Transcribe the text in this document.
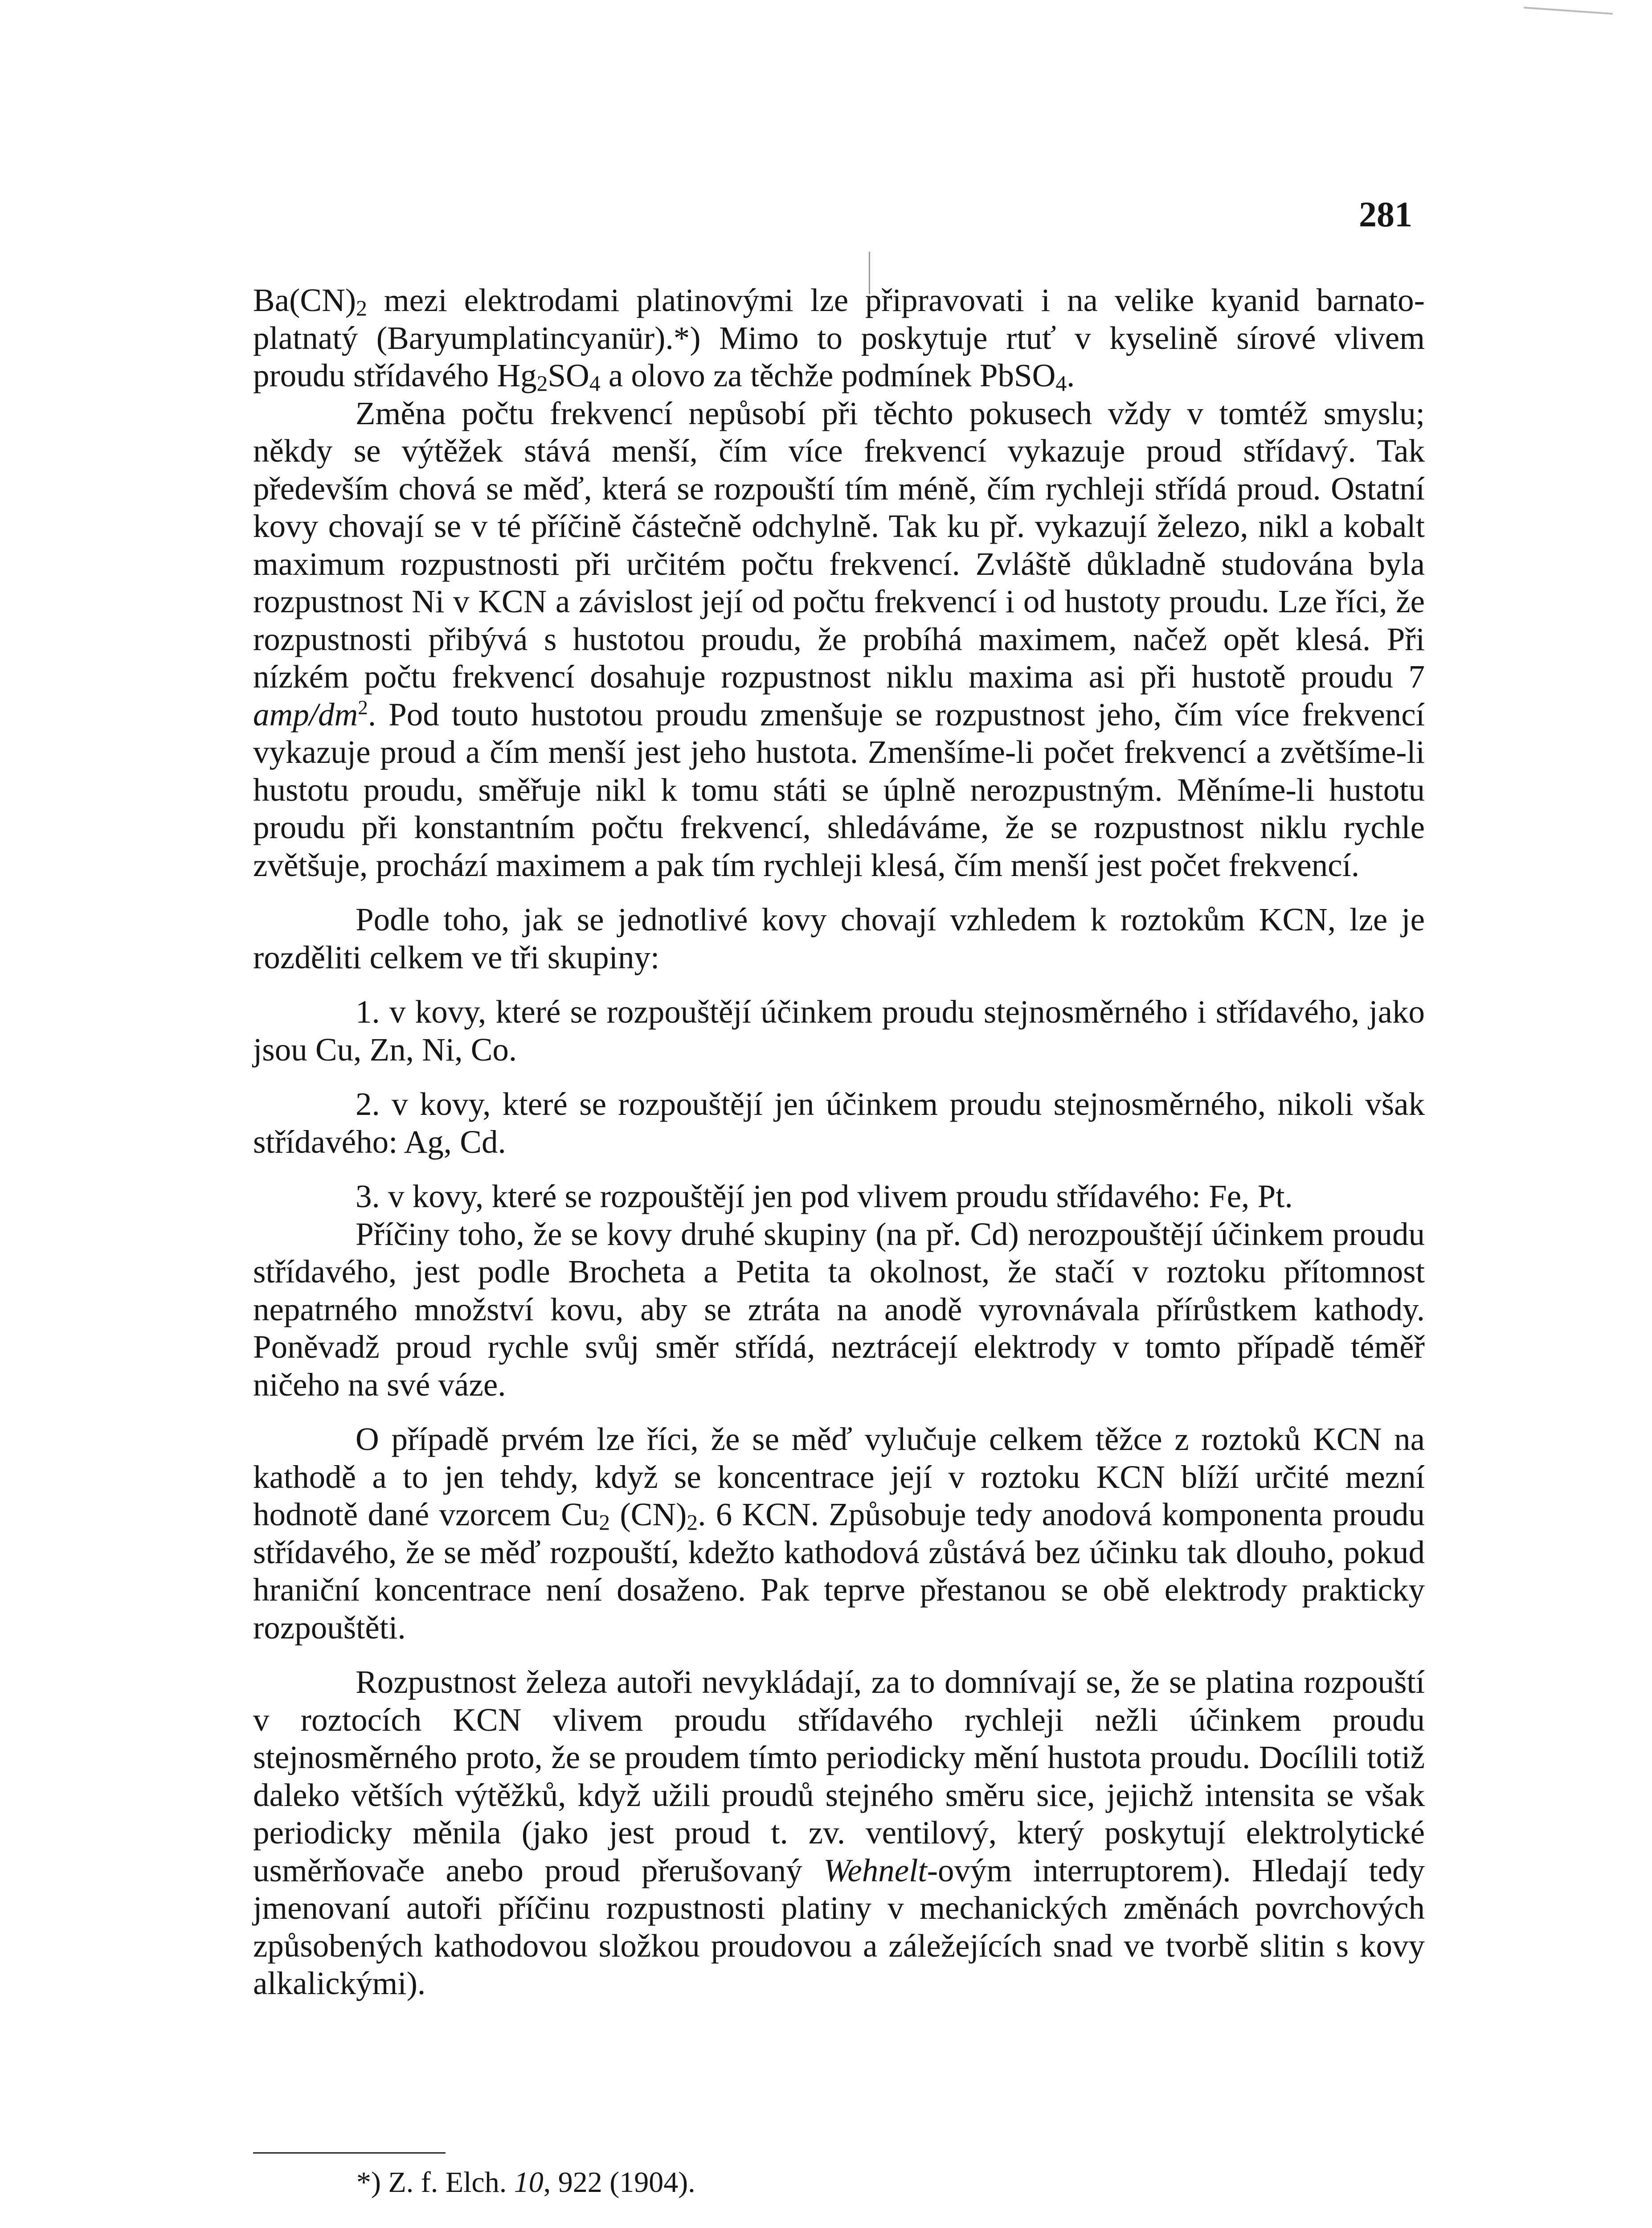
281

$Ba(CN)_2$ mezi elektrodami platinovými lze připravovati i na velike kyanid barnato-platnatý (Baryumplatincyanür).*) Mimo to poskytuje rtuť v kyselině sírové vlivem proudu střídavého $Hg_2SO_4$ a olovo za těchže podmínek PbSO$_4$.

Změna počtu frekvencí nepůsobí při těchto pokusech vždy v tomtéž smyslu; někdy se výtěžek stává menší, čím více frekvencí vykazuje proud střídavý. Tak především chová se měď, která se rozpouští tím méně, čím rychleji střídá proud. Ostatní kovy chovají se v té příčině částečně odchylně. Tak ku př. vykazují železo, nikl a kobalt maximum rozpustnosti při určitém počtu frekvencí. Zvláště důkladně studována byla rozpustnost Ni v KCN a závislost její od počtu frekvencí i od hustoty proudu. Lze říci, že rozpustnosti přibývá s hustotou proudu, že probíhá maximem, načež opět klesá. Při nízkém počtu frekvencí dosahuje rozpustnost niklu maxima asi při hustotě proudu 7 amp/$dm^2$. Pod touto hustotou proudu zmenšuje se rozpustnost jeho, čím více frekvencí vykazuje proud a čím menší jest jeho hustota. Zmenšíme-li počet frekvencí a zvětšíme-li hustotu proudu, směřuje nikl k tomu státi se úplně nerozpustným. Měníme-li hustotu proudu při konstantním počtu frekvencí, shledáváme, že se rozpustnost niklu rychle zvětšuje, prochází maximem a pak tím rychleji klesá, čím menší jest počet frekvencí.

Podle toho, jak se jednotlivé kovy chovají vzhledem k roztokům KCN, lze je rozděliti celkem ve tři skupiny:

1. v kovy, které se rozpouštějí účinkem proudu stejnosměrného i střídavého, jako jsou Cu, Zn, Ni, Co.

2. v kovy, které se rozpouštějí jen účinkem proudu stejnosměrného, nikoli však střídavého: Ag, Cd.

3. v kovy, které se rozpouštějí jen pod vlivem proudu střídavého: Fe, Pt.

Příčiny toho, že se kovy druhé skupiny (na př. Cd) nerozpouštějí účinkem proudu střídavého, jest podle Brocheta a Petita ta okolnost, že stačí v roztoku přítomnost nepatrného množství kovu, aby se ztráta na anodě vyrovnávala přírůstkem kathody. Poněvadž proud rychle svůj směr střídá, neztrácejí elektrody v tomto případě téměř ničeho na své váze.

O případě prvém lze říci, že se měď vylučuje celkem těžce z roztoků KCN na kathodě a to jen tehdy, když se koncentrace její v roztoku KCN blíží určité mezní hodnotě dané vzorcem $Cu_2$ $(CN)_2$. 6 KCN. Způsobuje tedy anodová komponenta proudu střídavého, že se měď rozpouští, kdežto kathodová zůstává bez účinku tak dlouho, pokud hraniční koncentrace není dosaženo. Pak teprve přestanou se obě elektrody prakticky rozpouštěti.

Rozpustnost železa autoři nevykládají, za to domnívají se, že se platina rozpouští v roztocích KCN vlivem proudu střídavého rychleji nežli účinkem proudu stejnosměrného proto, že se proudem tímto periodicky mění hustota proudu. Docílili totiž daleko větších výtěžků, když užili proudů stejného směru sice, jejichž intensita se však periodicky měnila (jako jest proud t. zv. ventilový, který poskytují elektrolytické usměrňovače anebo proud přerušovaný Wehnelt-ovým interruptorem). Hledají tedy jmenovaní autoři příčinu rozpustnosti platiny v mechanických změnách povrchových způsobených kathodovou složkou proudovou a záležejících snad ve tvorbě slitin s kovy alkalickými).

*) Z. f. Elch. 10, 922 (1904).
